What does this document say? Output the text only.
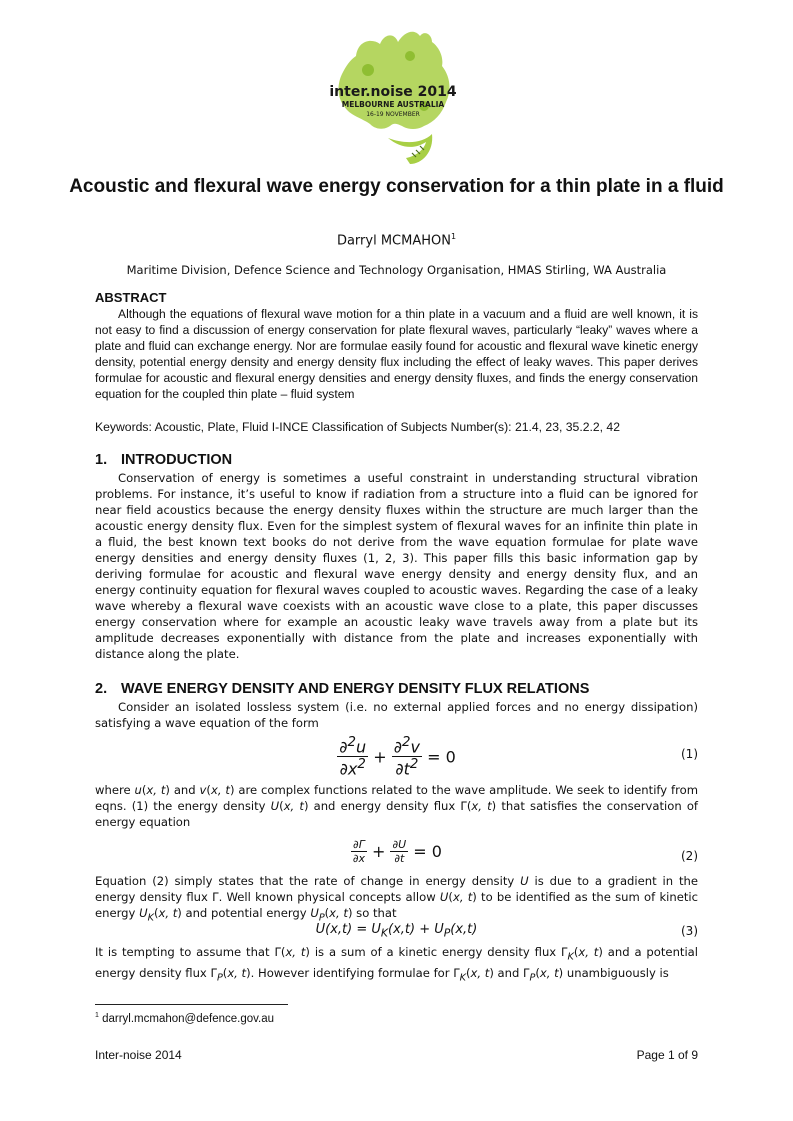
inter.noise 2014
MELBOURNE AUSTRALIA
16-19 NOVEMBER
Acoustic and flexural wave energy conservation for a thin plate in a fluid
Darryl MCMAHON$^1$
Maritime Division, Defence Science and Technology Organisation, HMAS Stirling, WA Australia
ABSTRACT
Although the equations of flexural wave motion for a thin plate in a vacuum and a fluid are well known, it is not easy to find a discussion of energy conservation for plate flexural waves, particularly “leaky” waves where a plate and fluid can exchange energy. Nor are formulae easily found for acoustic and flexural wave kinetic energy density, potential energy density and energy density flux including the effect of leaky waves. This paper derives formulae for acoustic and flexural energy densities and energy density fluxes, and finds the energy conservation equation for the coupled thin plate – fluid system
Keywords: Acoustic, Plate, Fluid I-INCE Classification of Subjects Number(s): 21.4, 23, 35.2.2, 42
1. INTRODUCTION
Conservation of energy is sometimes a useful constraint in understanding structural vibration problems. For instance, it’s useful to know if radiation from a structure into a fluid can be ignored for near field acoustics because the energy density fluxes within the structure are much larger than the acoustic energy density flux. Even for the simplest system of flexural waves for an infinite thin plate in a fluid, the best known text books do not derive from the wave equation formulae for plate wave energy densities and energy density fluxes (1, 2, 3). This paper fills this basic information gap by deriving formulae for acoustic and flexural wave energy density and energy density flux, and an energy continuity equation for flexural waves coupled to acoustic waves. Regarding the case of a leaky wave whereby a flexural wave coexists with an acoustic wave close to a plate, this paper discusses energy conservation where for example an acoustic leaky wave travels away from a plate but its amplitude decreases exponentially with distance from the plate and increases exponentially with distance along the plate.
2. WAVE ENERGY DENSITY AND ENERGY DENSITY FLUX RELATIONS
Consider an isolated lossless system (i.e. no external applied forces and no energy dissipation) satisfying a wave equation of the form
$\frac{\partial^2u}{\partial x^2} + \frac{\partial^2v}{\partial t^2} = 0$	(1)
where u(x, t) and v(x, t) are complex functions related to the wave amplitude. We seek to identify from eqns. (1) the energy density U(x, t) and energy density flux Γ(x, t) that satisfies the conservation of energy equation
$\frac{\partial\Gamma}{\partial x} + \frac{\partial U}{\partial t} = 0$	(2)
Equation (2) simply states that the rate of change in energy density U is due to a gradient in the energy density flux Γ. Well known physical concepts allow U(x, t) to be identified as the sum of kinetic energy $U_K(x$, t) and potential energy $U_P(x$, t) so that
$U(x,t) = U_K(x,t) + U_P(x,t)$	(3)
It is tempting to assume that Γ(x, t) is a sum of a kinetic energy density flux $\Gamma_K(x$, t) and a potential energy density flux $\Gamma_P(x$, t). However identifying formulae for $\Gamma_K(x$, t) and $\Gamma_P(x$, t) unambiguously is
$^1$ darryl.mcmahon@defence.gov.au
Inter-noise 2014	Page 1 of 9
